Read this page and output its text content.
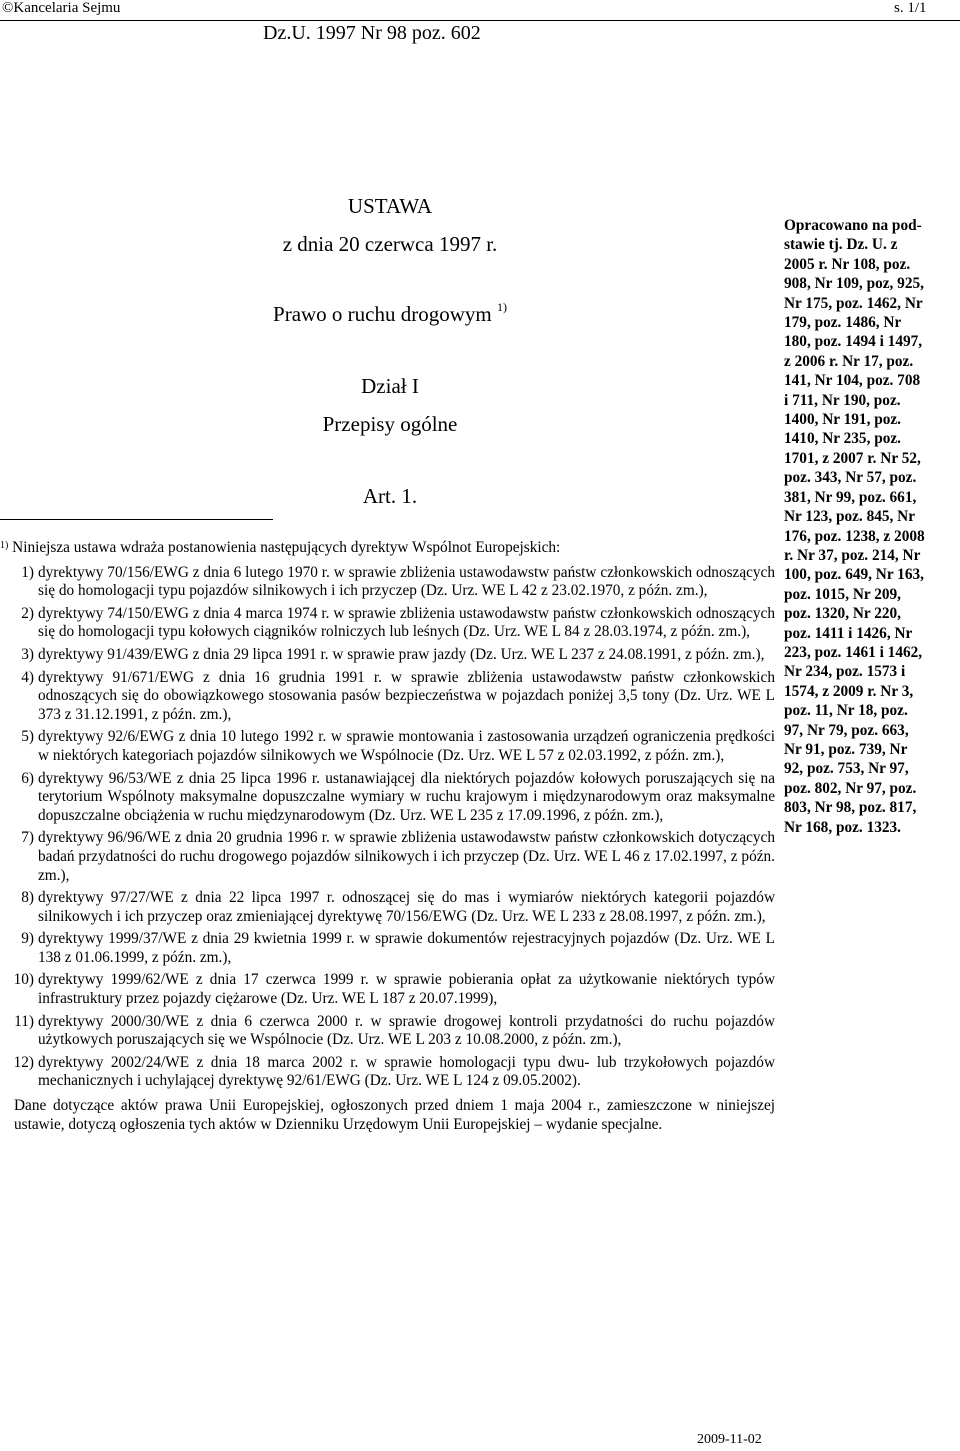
©Kancelaria Sejmu	s. 1/1
Dz.U. 1997 Nr 98 poz. 602
USTAWA
z dnia 20 czerwca 1997 r.
Prawo o ruchu drogowym $^{1)}$
Dział I
Przepisy ogólne
Art. 1.
Opracowano na pod-
stawie tj. Dz. U. z
2005 r. Nr 108, poz.
908, Nr 109, poz, 925,
Nr 175, poz. 1462, Nr
179, poz. 1486, Nr
180, poz. 1494 i 1497,
z 2006 r. Nr 17, poz.
141, Nr 104, poz. 708
i 711, Nr 190, poz.
1400, Nr 191, poz.
1410, Nr 235, poz.
1701, z 2007 r. Nr 52,
poz. 343, Nr 57, poz.
381, Nr 99, poz. 661,
Nr 123, poz. 845, Nr
176, poz. 1238, z 2008
r. Nr 37, poz. 214, Nr
100, poz. 649, Nr 163,
poz. 1015, Nr 209,
poz. 1320, Nr 220,
poz. 1411 i 1426, Nr
223, poz. 1461 i 1462,
Nr 234, poz. 1573 i
1574, z 2009 r. Nr 3,
poz. 11, Nr 18, poz.
97, Nr 79, poz. 663,
Nr 91, poz. 739, Nr
92, poz. 753, Nr 97,
poz. 802, Nr 97, poz.
803, Nr 98, poz. 817,
Nr 168, poz. 1323.
$^{1)}$ Niniejsza ustawa wdraża postanowienia następujących dyrektyw Wspólnot Europejskich:
1) dyrektywy 70/156/EWG z dnia 6 lutego 1970 r. w sprawie zbliżenia ustawodawstw państw członkowskich odnoszących się do homologacji typu pojazdów silnikowych i ich przyczep (Dz. Urz. WE L 42 z 23.02.1970, z późn. zm.),
2) dyrektywy 74/150/EWG z dnia 4 marca 1974 r. w sprawie zbliżenia ustawodawstw państw członkowskich odnoszących się do homologacji typu kołowych ciągników rolniczych lub leśnych (Dz. Urz. WE L 84 z 28.03.1974, z późn. zm.),
3) dyrektywy 91/439/EWG z dnia 29 lipca 1991 r. w sprawie praw jazdy (Dz. Urz. WE L 237 z 24.08.1991, z późn. zm.),
4) dyrektywy 91/671/EWG z dnia 16 grudnia 1991 r. w sprawie zbliżenia ustawodawstw państw członkowskich odnoszących się do obowiązkowego stosowania pasów bezpieczeństwa w pojazdach poniżej 3,5 tony (Dz. Urz. WE L 373 z 31.12.1991, z późn. zm.),
5) dyrektywy 92/6/EWG z dnia 10 lutego 1992 r. w sprawie montowania i zastosowania urządzeń ograniczenia prędkości w niektórych kategoriach pojazdów silnikowych we Wspólnocie (Dz. Urz. WE L 57 z 02.03.1992, z późn. zm.),
6) dyrektywy 96/53/WE z dnia 25 lipca 1996 r. ustanawiającej dla niektórych pojazdów kołowych poruszających się na terytorium Wspólnoty maksymalne dopuszczalne wymiary w ruchu krajowym i międzynarodowym oraz maksymalne dopuszczalne obciążenia w ruchu międzynarodowym (Dz. Urz. WE L 235 z 17.09.1996, z późn. zm.),
7) dyrektywy 96/96/WE z dnia 20 grudnia 1996 r. w sprawie zbliżenia ustawodawstw państw członkowskich dotyczących badań przydatności do ruchu drogowego pojazdów silnikowych i ich przyczep (Dz. Urz. WE L 46 z 17.02.1997, z późn. zm.),
8) dyrektywy 97/27/WE z dnia 22 lipca 1997 r. odnoszącej się do mas i wymiarów niektórych kategorii pojazdów silnikowych i ich przyczep oraz zmieniającej dyrektywę 70/156/EWG (Dz. Urz. WE L 233 z 28.08.1997, z późn. zm.),
9) dyrektywy 1999/37/WE z dnia 29 kwietnia 1999 r. w sprawie dokumentów rejestracyjnych pojazdów (Dz. Urz. WE L 138 z 01.06.1999, z późn. zm.),
10) dyrektywy 1999/62/WE z dnia 17 czerwca 1999 r. w sprawie pobierania opłat za użytkowanie niektórych typów infrastruktury przez pojazdy ciężarowe (Dz. Urz. WE L 187 z 20.07.1999),
11) dyrektywy 2000/30/WE z dnia 6 czerwca 2000 r. w sprawie drogowej kontroli przydatności do ruchu pojazdów użytkowych poruszających się we Wspólnocie (Dz. Urz. WE L 203 z 10.08.2000, z późn. zm.),
12) dyrektywy 2002/24/WE z dnia 18 marca 2002 r. w sprawie homologacji typu dwu- lub trzykołowych pojazdów mechanicznych i uchylającej dyrektywę 92/61/EWG (Dz. Urz. WE L 124 z 09.05.2002).
Dane dotyczące aktów prawa Unii Europejskiej, ogłoszonych przed dniem 1 maja 2004 r., zamieszczone w niniejszej ustawie, dotyczą ogłoszenia tych aktów w Dzienniku Urzędowym Unii Europejskiej – wydanie specjalne.
2009-11-02
